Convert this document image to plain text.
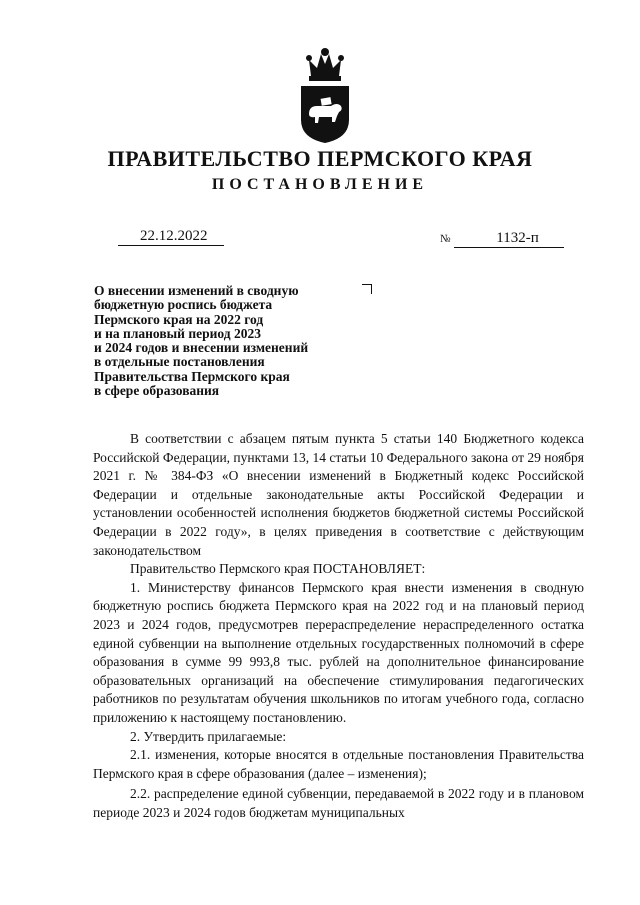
ПРАВИТЕЛЬСТВО ПЕРМСКОГО КРАЯ
ПОСТАНОВЛЕНИЕ
22.12.2022	№	1132-п
О внесении изменений в сводную
бюджетную роспись бюджета
Пермского края на 2022 год
и на плановый период 2023
и 2024 годов и внесении изменений
в отдельные постановления
Правительства Пермского края
в сфере образования

В соответствии с абзацем пятым пункта 5 статьи 140 Бюджетного кодекса Российской Федерации, пунктами 13, 14 статьи 10 Федерального закона от 29 ноября 2021 г. № 384-ФЗ «О внесении изменений в Бюджетный кодекс Российской Федерации и отдельные законодательные акты Российской Федерации и установлении особенностей исполнения бюджетов бюджетной системы Российской Федерации в 2022 году», в целях приведения в соответствие с действующим законодательством

Правительство Пермского края ПОСТАНОВЛЯЕТ:

1. Министерству финансов Пермского края внести изменения в сводную бюджетную роспись бюджета Пермского края на 2022 год и на плановый период 2023 и 2024 годов, предусмотрев перераспределение нераспределенного остатка единой субвенции на выполнение отдельных государственных полномочий в сфере образования в сумме 99 993,8 тыс. рублей на дополнительное финансирование образовательных организаций на обеспечение стимулирования педагогических работников по результатам обучения школьников по итогам учебного года, согласно приложению к настоящему постановлению.

2. Утвердить прилагаемые:

2.1. изменения, которые вносятся в отдельные постановления Правительства Пермского края в сфере образования (далее – изменения);

2.2. распределение единой субвенции, передаваемой в 2022 году и в плановом периоде 2023 и 2024 годов бюджетам муниципальных
